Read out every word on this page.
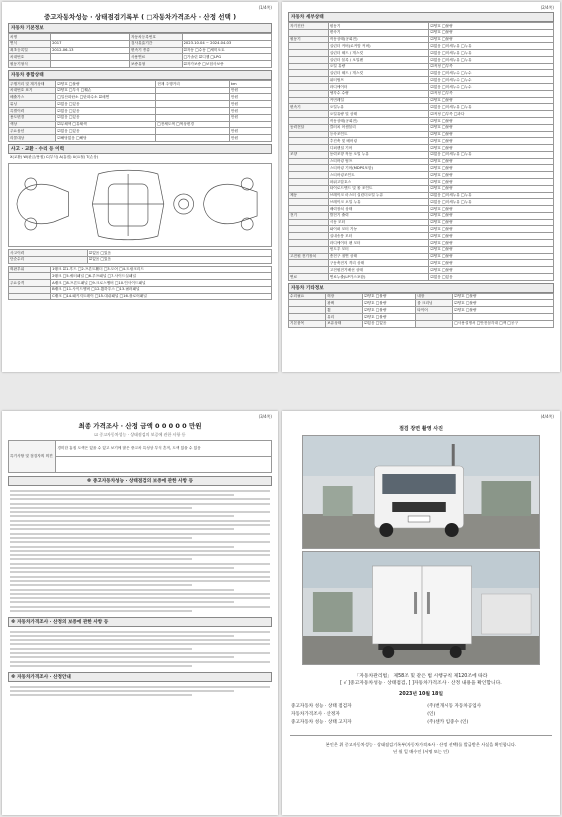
(1/4쪽)
중고자동차성능 · 상태점검기록부 ( □자동차가격조사 · 산정 선택 )
자동차 기본정보
차명		자동차등록번호	
연식	2017	검사유효기간	2023.10.04 ~ 2024.04.03
최초등록일	2012-06-13	변속기 종류	☑자동 □수동 □세미오토
차대번호		사용연료	□가솔린 ☑디젤 □LPG
원동기형식		보증유형	☑자가보증 □보험사보증
자동차 종합상태
주행거리 및 계기상태	☑양호 □불량	현재 주행거리	km
차대번호 표기	☑양호 □부식 □훼손		만원
배출가스	□일산화탄소 □탄화수소 ☑매연		만원
튜닝	☑없음 □있음		만원
특별이력	☑없음 □있음		만원
용도변경	☑없음 □있음		만원
색상	☑무채색 □유채색	□전체도색 □색상변경	
주요옵션	☑없음 □있음		만원
리콜대상	☑해당없음 □해당		만원
사고 · 교환 · 수리 등 이력
X(교환) W(판금/용접) C(부식) A(흠집) U(요철) T(손상)
사고이력	☑없음 □있음
단순수리	☑없음 □있음
외판부위	1랭크 ☑1.후드 □2.프론트휀더 □3.도어 □4.트렁크리드
	2랭크 □5.쿼터패널 □6.루프패널 □7.사이드실패널
주요골격	A랭크 □8.프론트패널 □9.크로스멤버 □10.인사이드패널
	B랭크 □11.사이드멤버 □12.휠하우스 □13.필러패널
	C랭크 □14.패키지트레이 □15.대쉬패널 □16.플로어패널
(2/4쪽)
자동차 세부상태
자기진단	원동기	☑양호 □불량
	변속기	☑양호 □불량
원동기	작동상태(공회전)	☑양호 □불량
	실린더 커버(로커암 커버)	☑없음 □미세누유 □누유
	실린더 헤드 / 개스킷	☑없음 □미세누유 □누유
	실린더 블록 / 오일팬	☑없음 □미세누유 □누유
	오일 유량	☑적정 □부족
	실린더 헤드 / 개스킷	☑없음 □미세누수 □누수
	워터펌프	☑없음 □미세누수 □누수
	라디에이터	☑없음 □미세누수 □누수
	냉각수 수량	☑적정 □부족
	커먼레일	☑양호 □불량
변속기	오일누유	☑없음 □미세누유 □누유
	오일유량 및 상태	☑적정 □부족 □과다
	작동상태(공회전)	☑양호 □불량
동력전달	클러치 어셈블리	☑양호 □불량
	등속조인트	☑양호 □불량
	추진축 및 베어링	☑양호 □불량
	디퍼렌셜 기어	☑양호 □불량
조향	동력조향 작동 오일 누유	☑없음 □미세누유 □누유
	스티어링 펌프	☑양호 □불량
	스티어링 기어(MDPS포함)	☑양호 □불량
	스티어링조인트	☑양호 □불량
	파워고압호스	☑양호 □불량
	타이로드엔드 및 볼 조인트	☑양호 □불량
제동	브레이크 마스터 실린더오일 누유	☑없음 □미세누유 □누유
	브레이크 오일 누유	☑없음 □미세누유 □누유
	배력장치 상태	☑양호 □불량
전기	발전기 출력	☑양호 □불량
	시동 모터	☑양호 □불량
	와이퍼 모터 기능	☑양호 □불량
	실내송풍 모터	☑양호 □불량
	라디에이터 팬 모터	☑양호 □불량
	윈도우 모터	☑양호 □불량
고전원 전기장치	충전구 절연 상태	☑양호 □불량
	구동축전지 격리 상태	☑양호 □불량
	고전원전기배선 상태	☑양호 □불량
연료	연료누출(LP가스포함)	☑없음 □있음
자동차 기타정보
수리필요	외장	☑양호 □불량	내장	☑양호 □불량
	광택	☑양호 □불량	룸 크리닝	☑양호 □불량
	휠	☑양호 □불량	타이어	☑양호 □불량
	유리	☑양호 □불량		
기본품목	보유상태	☑있음 □없음		□사용설명서 □안전삼각대 □잭 □공구
(3/4쪽)
최종 가격조사 · 산정 금액 0 0 0 0 0 만원
☑ 중고자동차성능 · 상태점검의 보증에 관한 사항 등
특기사항 및 점검자의 의견	경미한 흠집 도색은 있을 수 있고 보기에 많은 중고차 특성상 부식 흔적, 도색 있을 수 있음

※ 중고자동차성능 · 상태점검의 보증에 관한 사항 등
※ 자동차가격조사 · 산정의 보증에 관한 사항 등
※ 자동차가격조사 · 산정안내
(4/4쪽)
점검 장면 촬영 사진
「자동차관리법」 제58조 및 같은 법 시행규칙 제120조에 따라
[ √ ]중고자동차성능 · 상태점검, [ ]자동차가격조사 · 산정 내용을 확인합니다.
2023년 10월 18일
중고자동차 성능 · 상태 점검자	(주)번개시동 자동차공업사
자동차가격조사 · 산정자	(인)
중고자동차 성능 · 상태 고지자	(주)센카 임중수 (인)
본인은 위 중고자동차성능 · 상태점검기록부(자동차가격조사 · 산정 선택)를 발급받은 사실을 확인합니다.
년 월 일 매수인 (서명 또는 인)
